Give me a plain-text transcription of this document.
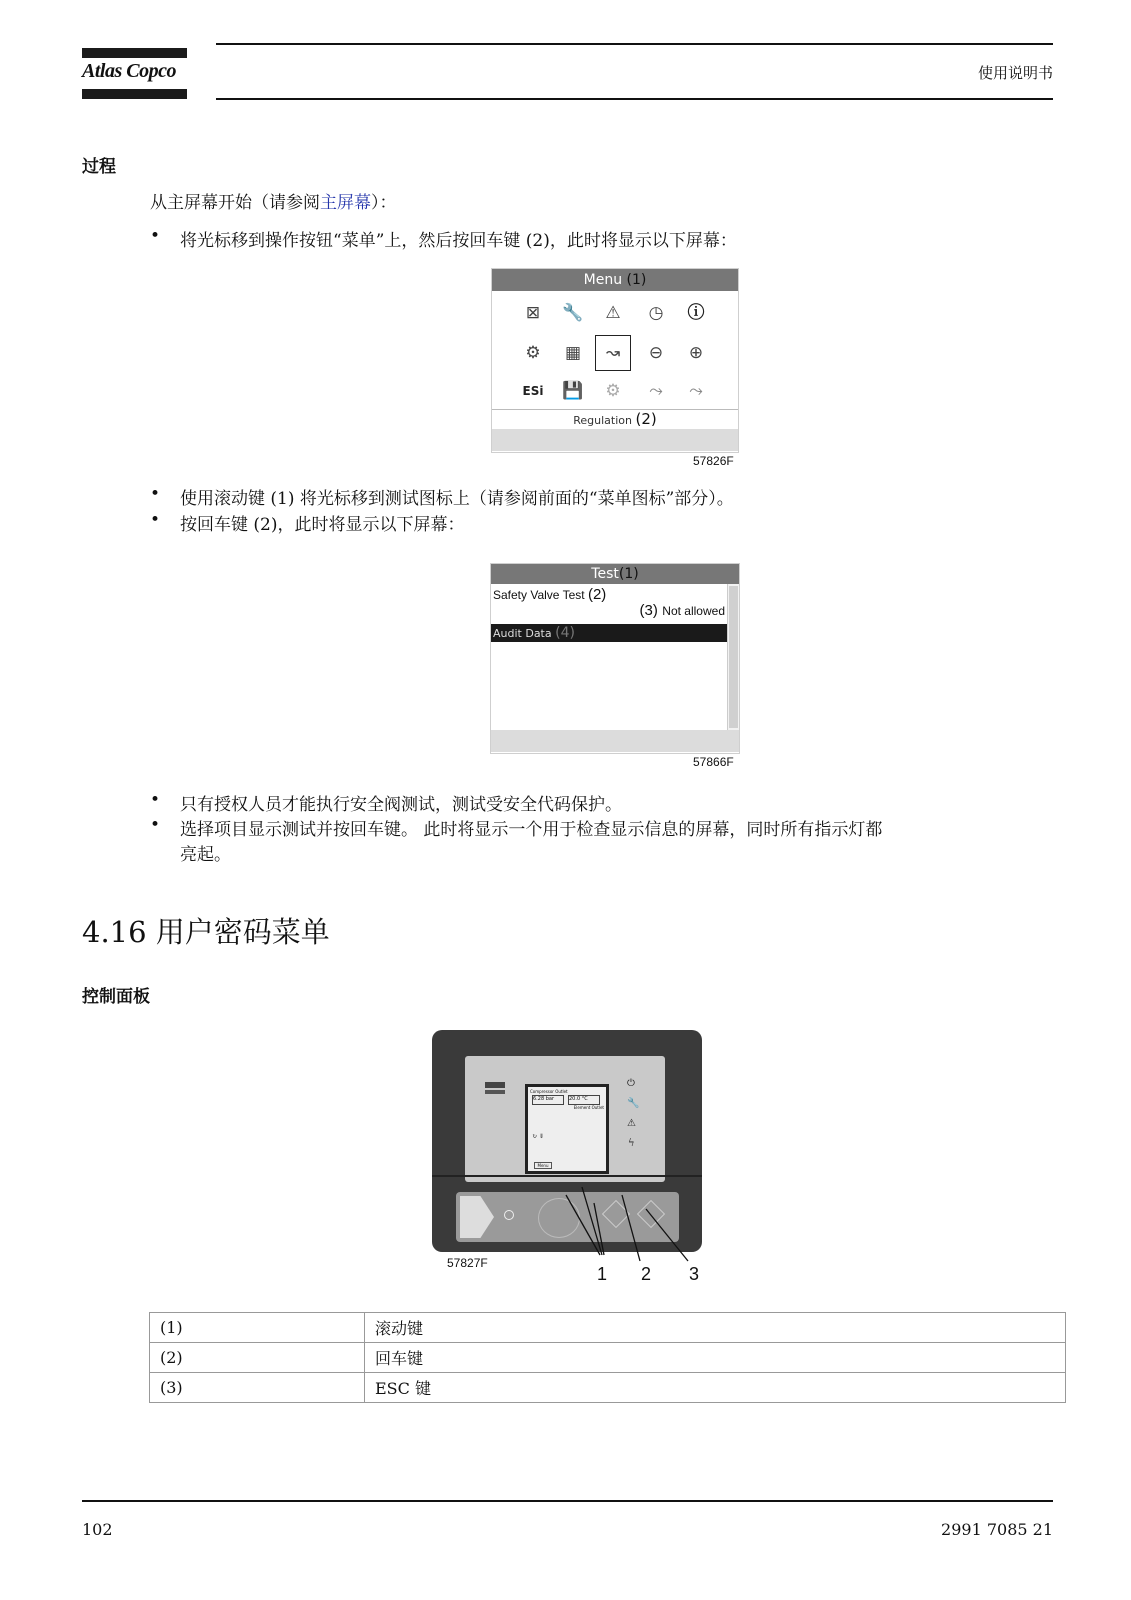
Atlas Copco	使用说明书
过程
从主屏幕开始（请参阅主屏幕）：
• 将光标移到操作按钮“菜单”上，然后按回车键 (2)，此时将显示以下屏幕：
Menu (1)
⊠	🔧	⚠	◷	ⓘ
⚙	▦	↝	⊖	⊕
ESi 💾	⚙	⤳	⤳
Regulation (2)
57826F
• 使用滚动键 (1) 将光标移到测试图标上（请参阅前面的“菜单图标”部分）。
• 按回车键 (2)，此时将显示以下屏幕：
Test(1)
Safety Valve Test (2)
(3) Not allowed
Audit Data (4)
57866F
• 只有授权人员才能执行安全阀测试，测试受安全代码保护。
• 选择项目显示测试并按回车键。 此时将显示一个用于检查显示信息的屏幕，同时所有指示灯都
亮起。
4.16 用户密码菜单
控制面板
Compressor Outlet
6.28 bar	20.0 °C
Element Outlet
↻ ⇓
Menu
⏻
🔧
⚠
ϟ
57827F
1 2 3
(1)	滚动键
(2)	回车键
(3)	ESC 键
102	2991 7085 21
